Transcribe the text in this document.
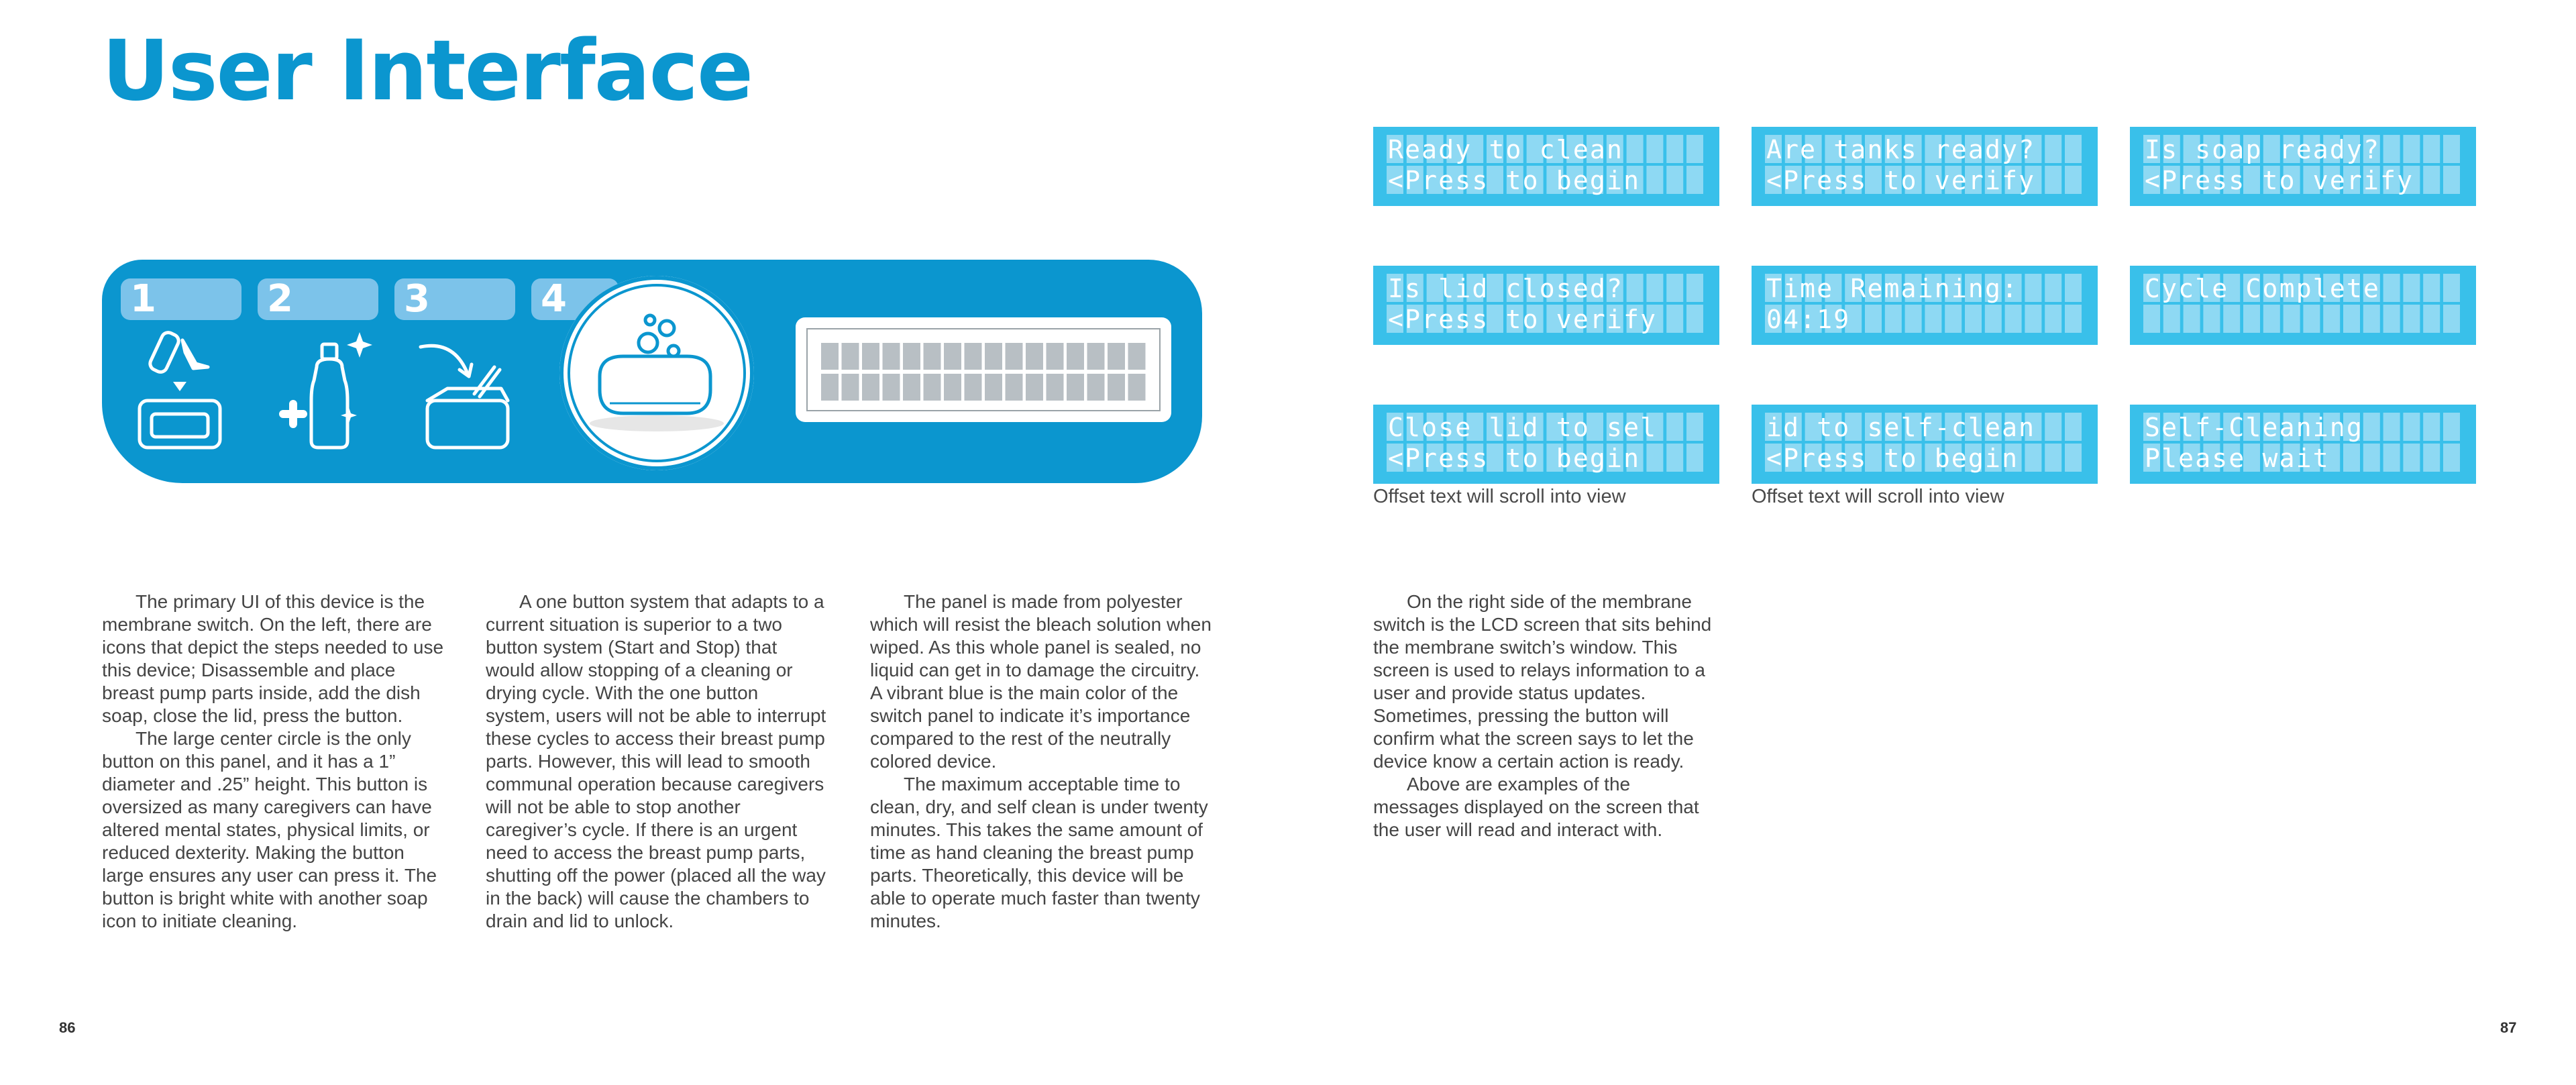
User Interface
1	2	3	4
Ready to clean
<Press to begin
Are tanks ready?
<Press to verify
Is soap ready?
<Press to verify
Is lid closed?
<Press to verify
Time Remaining:
04:19
Cycle Complete
Close lid to sel
<Press to begin
id to self-clean
<Press to begin
Self-Cleaning
Please wait
Offset text will scroll into view	Offset text will scroll into view

The primary UI of this device is the membrane switch. On the left, there are icons that depict the steps needed to use this device; Disassemble and place breast pump parts inside, add the dish soap, close the lid, press the button.

The large center circle is the only button on this panel, and it has a 1” diameter and .25” height. This button is oversized as many caregivers can have altered mental states, physical limits, or reduced dexterity. Making the button large ensures any user can press it. The button is bright white with another soap icon to initiate cleaning.

A one button system that adapts to a current situation is superior to a two button system (Start and Stop) that would allow stopping of a cleaning or drying cycle. With the one button system, users will not be able to interrupt these cycles to access their breast pump parts. However, this will lead to smooth communal operation because caregivers will not be able to stop another caregiver’s cycle. If there is an urgent need to access the breast pump parts, shutting off the power (placed all the way in the back) will cause the chambers to drain and lid to unlock.

The panel is made from polyester which will resist the bleach solution when wiped. As this whole panel is sealed, no liquid can get in to damage the circuitry. A vibrant blue is the main color of the switch panel to indicate it’s importance compared to the rest of the neutrally colored device.

The maximum acceptable time to clean, dry, and self clean is under twenty minutes. This takes the same amount of time as hand cleaning the breast pump parts. Theoretically, this device will be able to operate much faster than twenty minutes.

On the right side of the membrane switch is the LCD screen that sits behind the membrane switch’s window. This screen is used to relays information to a user and provide status updates. Sometimes, pressing the button will confirm what the screen says to let the device know a certain action is ready.

Above are examples of the messages displayed on the screen that the user will read and interact with.

86	87
